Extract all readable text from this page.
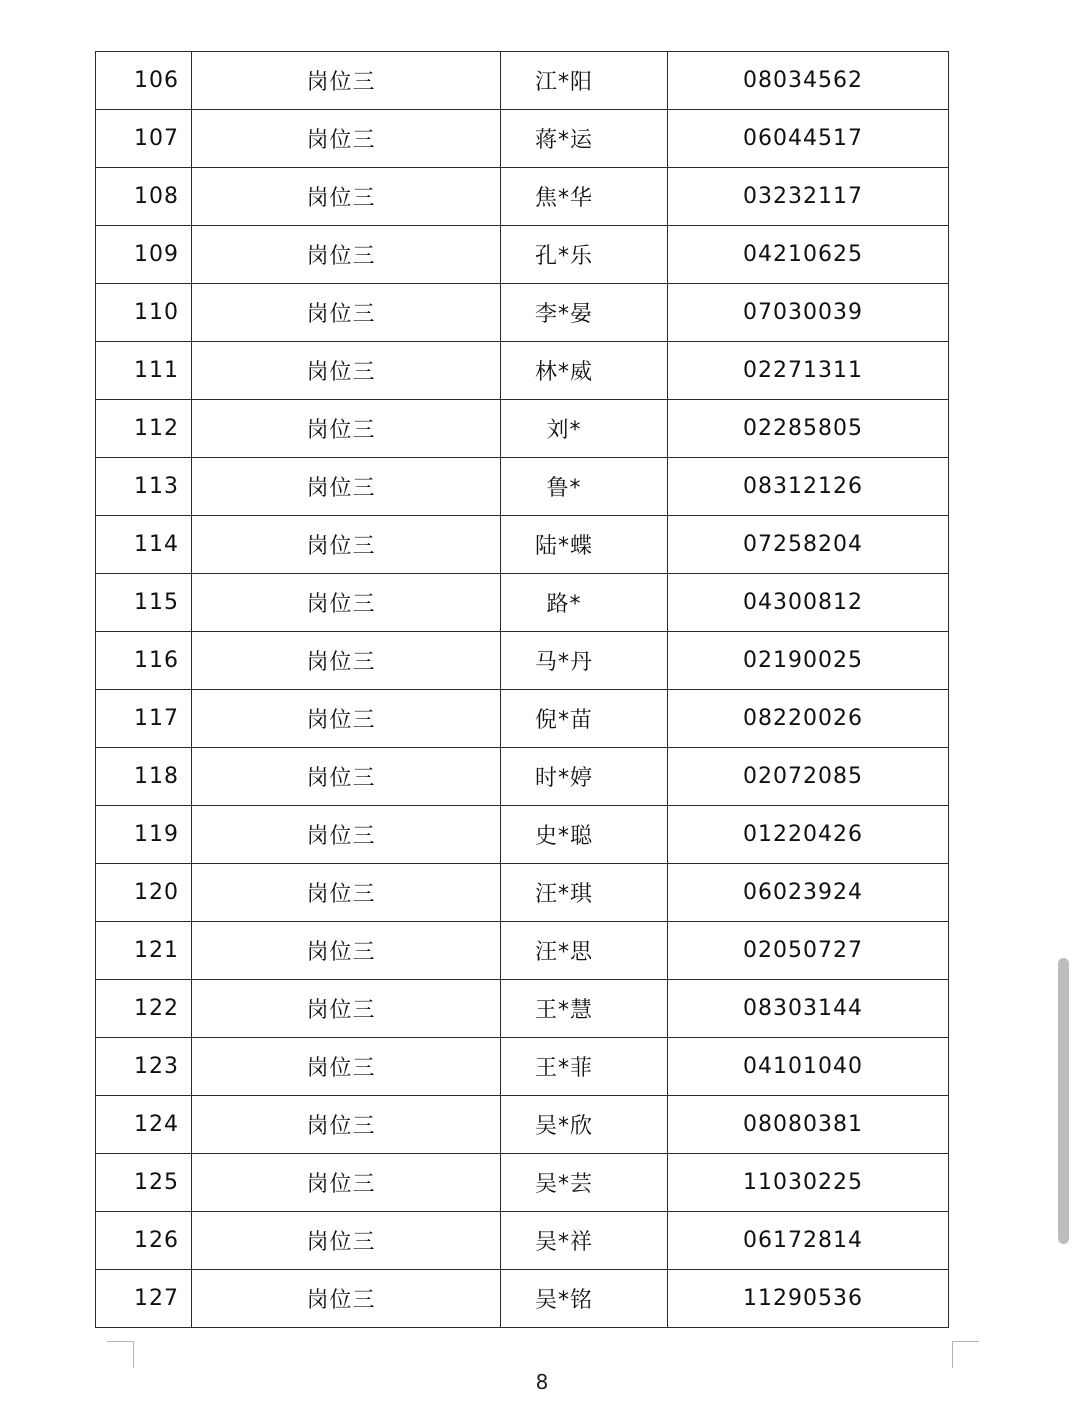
106	岗位三	江*阳	08034562
107	岗位三	蒋*运	06044517
108	岗位三	焦*华	03232117
109	岗位三	孔*乐	04210625
110	岗位三	李*晏	07030039
111	岗位三	林*威	02271311
112	岗位三	刘*	02285805
113	岗位三	鲁*	08312126
114	岗位三	陆*蝶	07258204
115	岗位三	路*	04300812
116	岗位三	马*丹	02190025
117	岗位三	倪*苗	08220026
118	岗位三	时*婷	02072085
119	岗位三	史*聪	01220426
120	岗位三	汪*琪	06023924
121	岗位三	汪*思	02050727
122	岗位三	王*慧	08303144
123	岗位三	王*菲	04101040
124	岗位三	吴*欣	08080381
125	岗位三	吴*芸	11030225
126	岗位三	吴*祥	06172814
127	岗位三	吴*铭	11290536
8
